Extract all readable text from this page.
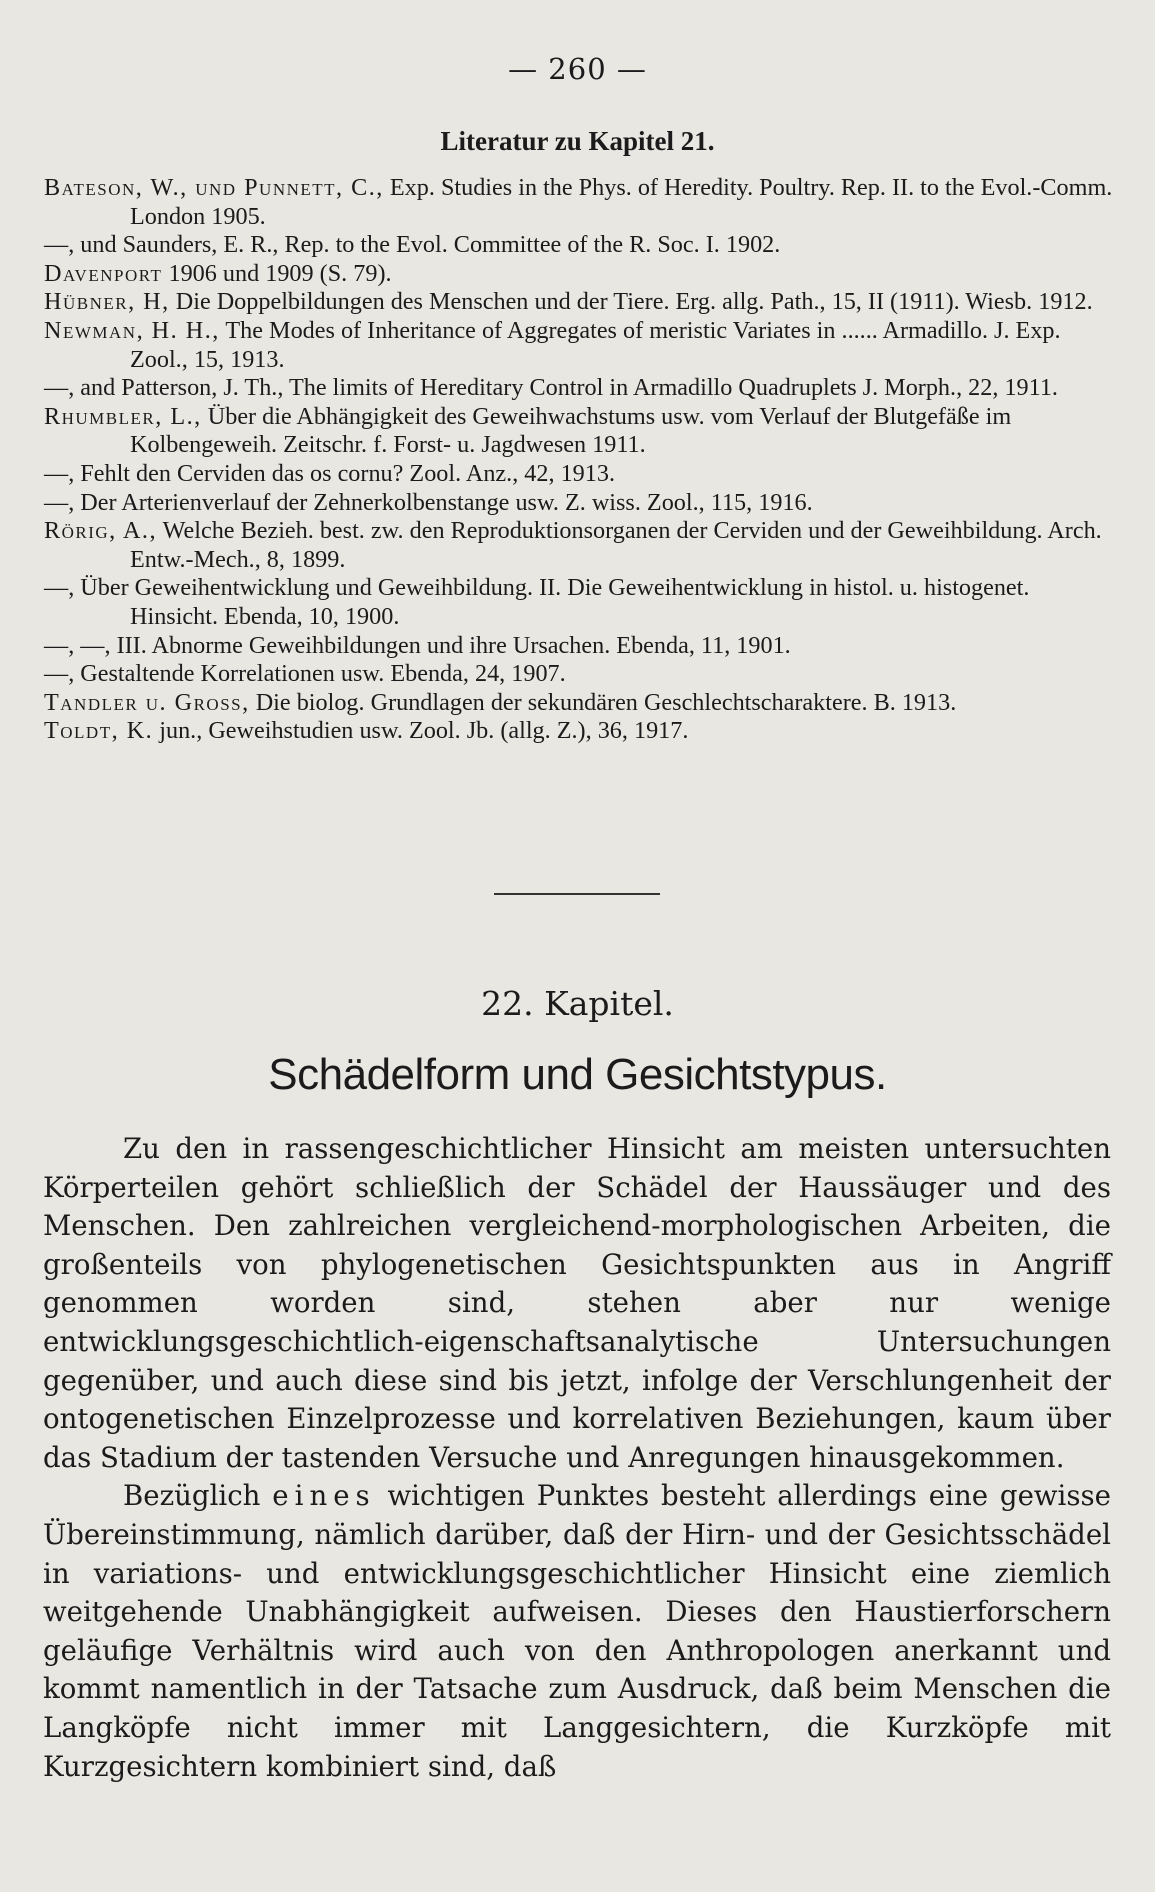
— 260 —
Literatur zu Kapitel 21.

Bateson, W., und Punnett, C., Exp. Studies in the Phys. of Heredity. Poultry. Rep. II. to the Evol.-Comm. London 1905.

—, und Saunders, E. R., Rep. to the Evol. Committee of the R. Soc. I. 1902.

Davenport 1906 und 1909 (S. 79).

Hübner, H, Die Doppelbildungen des Menschen und der Tiere. Erg. allg. Path., 15, II (1911). Wiesb. 1912.

Newman, H. H., The Modes of Inheritance of Aggregates of meristic Variates in ...... Armadillo. J. Exp. Zool., 15, 1913.

—, and Patterson, J. Th., The limits of Hereditary Control in Armadillo Quadruplets J. Morph., 22, 1911.

Rhumbler, L., Über die Abhängigkeit des Geweihwachstums usw. vom Verlauf der Blutgefäße im Kolbengeweih. Zeitschr. f. Forst- u. Jagdwesen 1911.

—, Fehlt den Cerviden das os cornu? Zool. Anz., 42, 1913.

—, Der Arterienverlauf der Zehnerkolbenstange usw. Z. wiss. Zool., 115, 1916.

Rörig, A., Welche Bezieh. best. zw. den Reproduktionsorganen der Cerviden und der Geweihbildung. Arch. Entw.-Mech., 8, 1899.

—, Über Geweihentwicklung und Geweihbildung. II. Die Geweihentwicklung in histol. u. histogenet. Hinsicht. Ebenda, 10, 1900.

—, —, III. Abnorme Geweihbildungen und ihre Ursachen. Ebenda, 11, 1901.

—, Gestaltende Korrelationen usw. Ebenda, 24, 1907.

Tandler u. Gross, Die biolog. Grundlagen der sekundären Geschlechtscharaktere. B. 1913.

Toldt, K. jun., Geweihstudien usw. Zool. Jb. (allg. Z.), 36, 1917.

22. Kapitel.
Schädelform und Gesichtstypus.

Zu den in rassengeschichtlicher Hinsicht am meisten untersuchten Körperteilen gehört schließlich der Schädel der Haussäuger und des Menschen. Den zahlreichen vergleichend-morphologischen Arbeiten, die großenteils von phylogenetischen Gesichtspunkten aus in Angriff genommen worden sind, stehen aber nur wenige entwicklungsgeschichtlich-eigenschaftsanalytische Untersuchungen gegenüber, und auch diese sind bis jetzt, infolge der Verschlungenheit der ontogenetischen Einzelprozesse und korrelativen Beziehungen, kaum über das Stadium der tastenden Versuche und Anregungen hinausgekommen.

Bezüglich eines wichtigen Punktes besteht allerdings eine gewisse Übereinstimmung, nämlich darüber, daß der Hirn- und der Gesichtsschädel in variations- und entwicklungsgeschichtlicher Hinsicht eine ziemlich weitgehende Unabhängigkeit aufweisen. Dieses den Haustierforschern geläufige Verhältnis wird auch von den Anthropologen anerkannt und kommt namentlich in der Tatsache zum Ausdruck, daß beim Menschen die Langköpfe nicht immer mit Langgesichtern, die Kurzköpfe mit Kurzgesichtern kombiniert sind, daß
